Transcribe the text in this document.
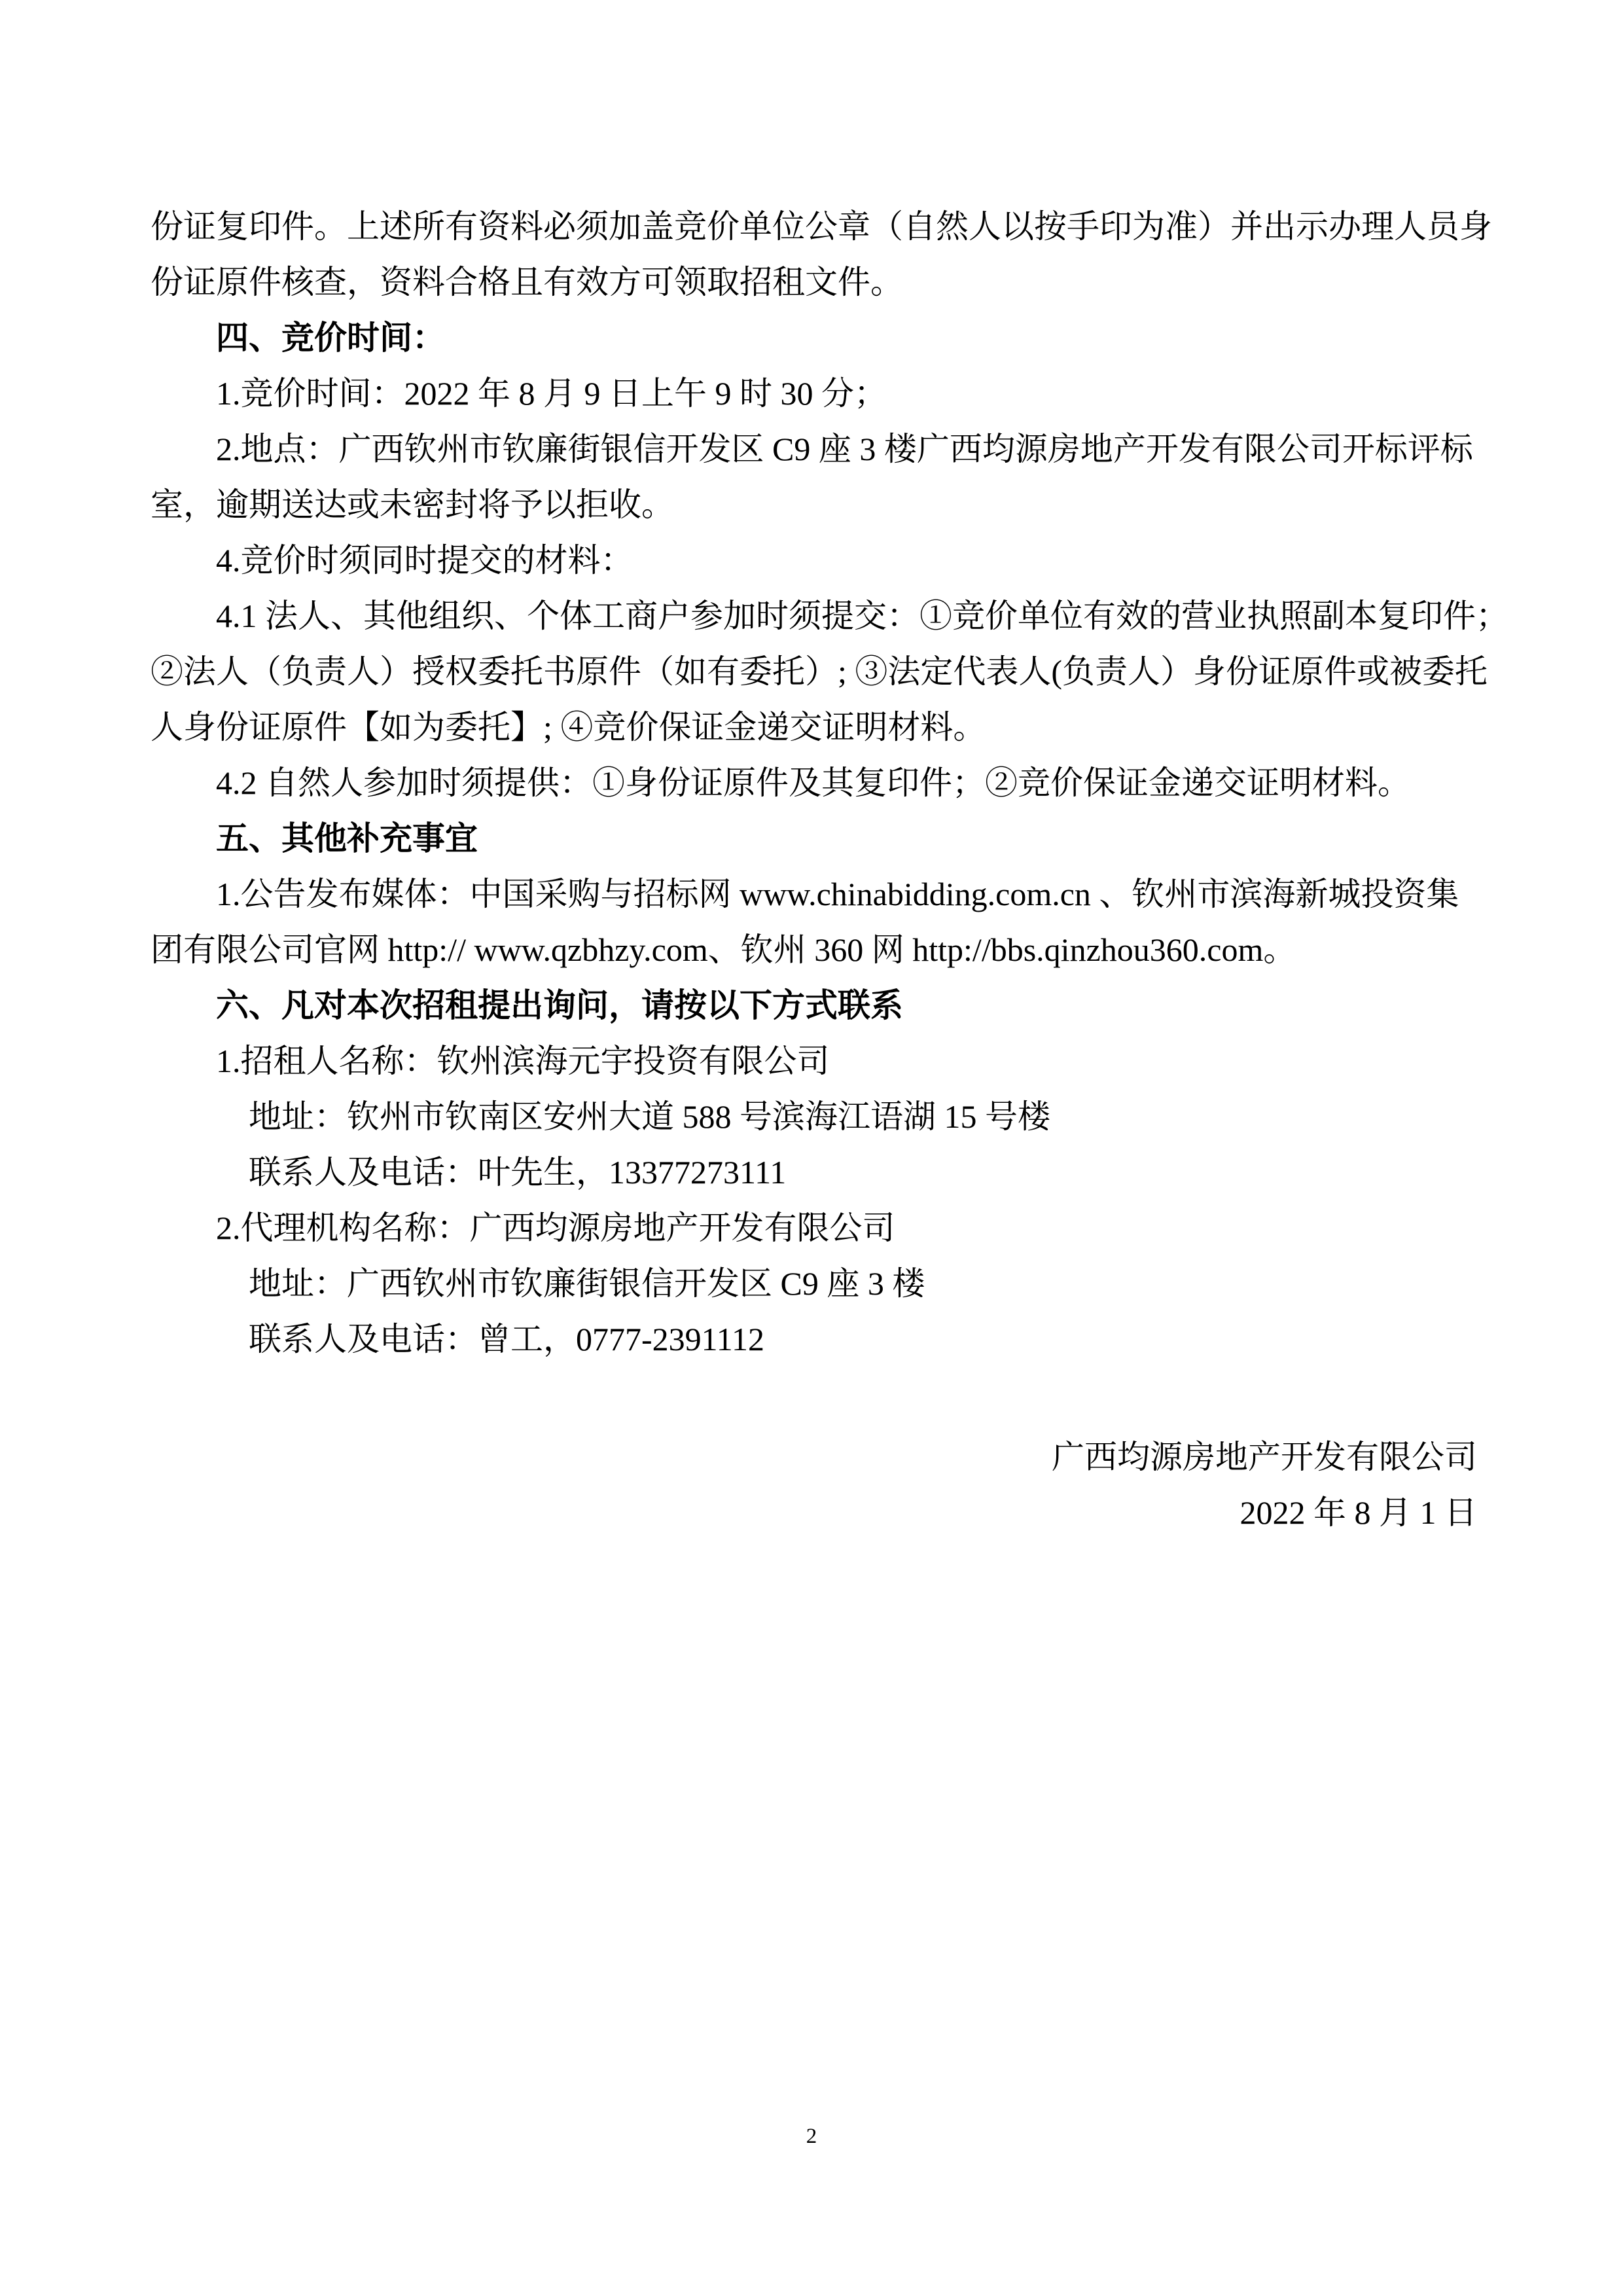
份证复印件。上述所有资料必须加盖竞价单位公章（自然人以按手印为准）并出示办理人员身

份证原件核查，资料合格且有效方可领取招租文件。

四、竞价时间：

1.竞价时间：2022 年 8 月 9 日上午 9 时 30 分；

2.地点：广西钦州市钦廉街银信开发区 C9 座 3 楼广西均源房地产开发有限公司开标评标

室，逾期送达或未密封将予以拒收。

4.竞价时须同时提交的材料：

4.1 法人、其他组织、个体工商户参加时须提交：①竞价单位有效的营业执照副本复印件；

②法人（负责人）授权委托书原件（如有委托）; ③法定代表人(负责人）身份证原件或被委托

人身份证原件【如为委托】; ④竞价保证金递交证明材料。

4.2 自然人参加时须提供：①身份证原件及其复印件；②竞价保证金递交证明材料。

五、其他补充事宜

1.公告发布媒体：中国采购与招标网 www.chinabidding.com.cn 、钦州市滨海新城投资集

团有限公司官网 http:// www.qzbhzy.com、钦州 360 网 http://bbs.qinzhou360.com。

六、凡对本次招租提出询问，请按以下方式联系

1.招租人名称：钦州滨海元宇投资有限公司

地址：钦州市钦南区安州大道 588 号滨海江语湖 15 号楼

联系人及电话：叶先生，13377273111

2.代理机构名称：广西均源房地产开发有限公司

地址：广西钦州市钦廉街银信开发区 C9 座 3 楼

联系人及电话：曾工，0777-2391112

广西均源房地产开发有限公司

2022 年 8 月 1 日

2
